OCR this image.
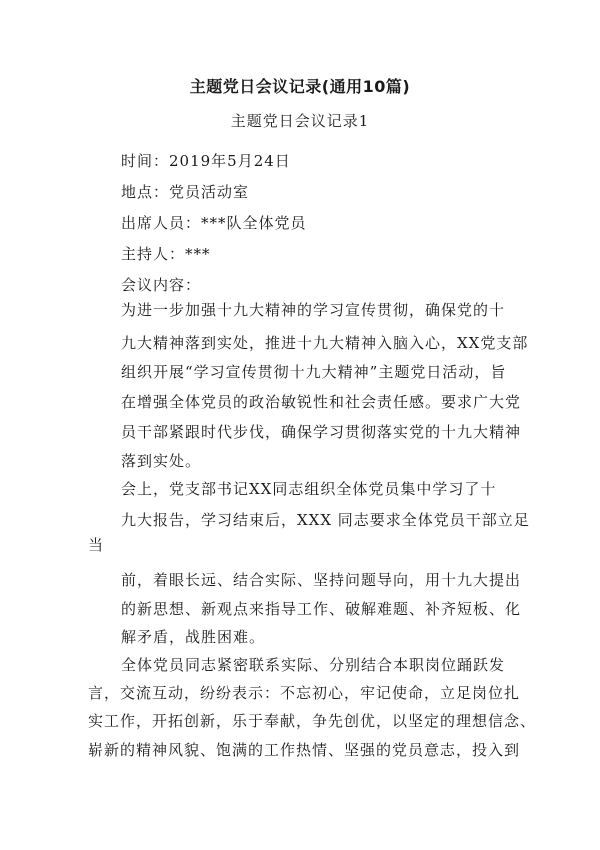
主题党日会议记录(通用10篇)
主题党日会议记录1
时间：2019年5月24日
地点：党员活动室
出席人员：***队全体党员
主持人：***
会议内容：
为进一步加强十九大精神的学习宣传贯彻，确保党的十
九大精神落到实处，推进十九大精神入脑入心，XX党支部
组织开展“学习宣传贯彻十九大精神”主题党日活动，旨
在增强全体党员的政治敏锐性和社会责任感。要求广大党
员干部紧跟时代步伐，确保学习贯彻落实党的十九大精神
落到实处。
会上，党支部书记XX同志组织全体党员集中学习了十
九大报告，学习结束后，XXX 同志要求全体党员干部立足
当
前，着眼长远、结合实际、坚持问题导向，用十九大提出
的新思想、新观点来指导工作、破解难题、补齐短板、化
解矛盾，战胜困难。
全体党员同志紧密联系实际、分别结合本职岗位踊跃发
言，交流互动，纷纷表示：不忘初心，牢记使命，立足岗位扎
实工作，开拓创新，乐于奉献，争先创优，以坚定的理想信念、
崭新的精神风貌、饱满的工作热情、坚强的党员意志，投入到
